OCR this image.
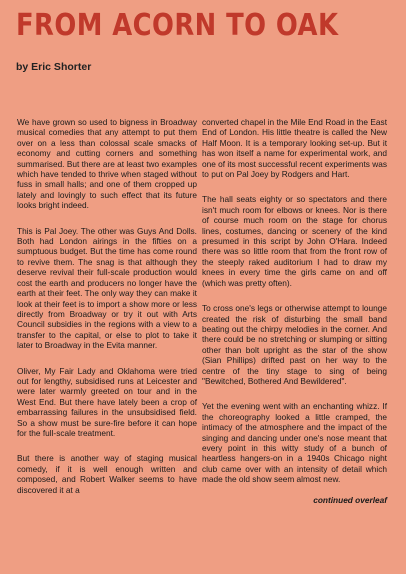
FROM ACORN TO OAK
by Eric Shorter

We have grown so used to bigness in Broadway musical comedies that any attempt to put them over on a less than colossal scale smacks of economy and cutting corners and something summarised. But there are at least two examples which have tended to thrive when staged without fuss in small halls; and one of them cropped up lately and lovingly to such effect that its future looks bright indeed.

This is Pal Joey. The other was Guys And Dolls. Both had London airings in the fifties on a sumptuous budget. But the time has come round to revive them. The snag is that although they deserve revival their full-scale production would cost the earth and producers no longer have the earth at their feet. The only way they can make it look at their feet is to import a show more or less directly from Broadway or try it out with Arts Council subsidies in the regions with a view to a transfer to the capital, or else to plot to take it later to Broadway in the Evita manner.

Oliver, My Fair Lady and Oklahoma were tried out for lengthy, subsidised runs at Leicester and were later warmly greeted on tour and in the West End. But there have lately been a crop of embarrassing failures in the unsubsidised field. So a show must be sure-fire before it can hope for the full-scale treatment.

But there is another way of staging musical comedy, if it is well enough written and composed, and Robert Walker seems to have discovered it at a

converted chapel in the Mile End Road in the East End of London. His little theatre is called the New Half Moon. It is a temporary looking set-up. But it has won itself a name for experimental work, and one of its most successful recent experiments was to put on Pal Joey by Rodgers and Hart.

The hall seats eighty or so spectators and there isn't much room for elbows or knees. Nor is there of course much room on the stage for chorus lines, costumes, dancing or scenery of the kind presumed in this script by John O'Hara. Indeed there was so little room that from the front row of the steeply raked auditorium I had to draw my knees in every time the girls came on and off (which was pretty often).

To cross one's legs or otherwise attempt to lounge created the risk of disturbing the small band beating out the chirpy melodies in the corner. And there could be no stretching or slumping or sitting other than bolt upright as the star of the show (Sian Phillips) drifted past on her way to the centre of the tiny stage to sing of being "Bewitched, Bothered And Bewildered".

Yet the evening went with an enchanting whizz. If the choreography looked a little cramped, the intimacy of the atmosphere and the impact of the singing and dancing under one's nose meant that every point in this witty study of a bunch of heartless hangers-on in a 1940s Chicago night club came over with an intensity of detail which made the old show seem almost new.

continued overleaf
